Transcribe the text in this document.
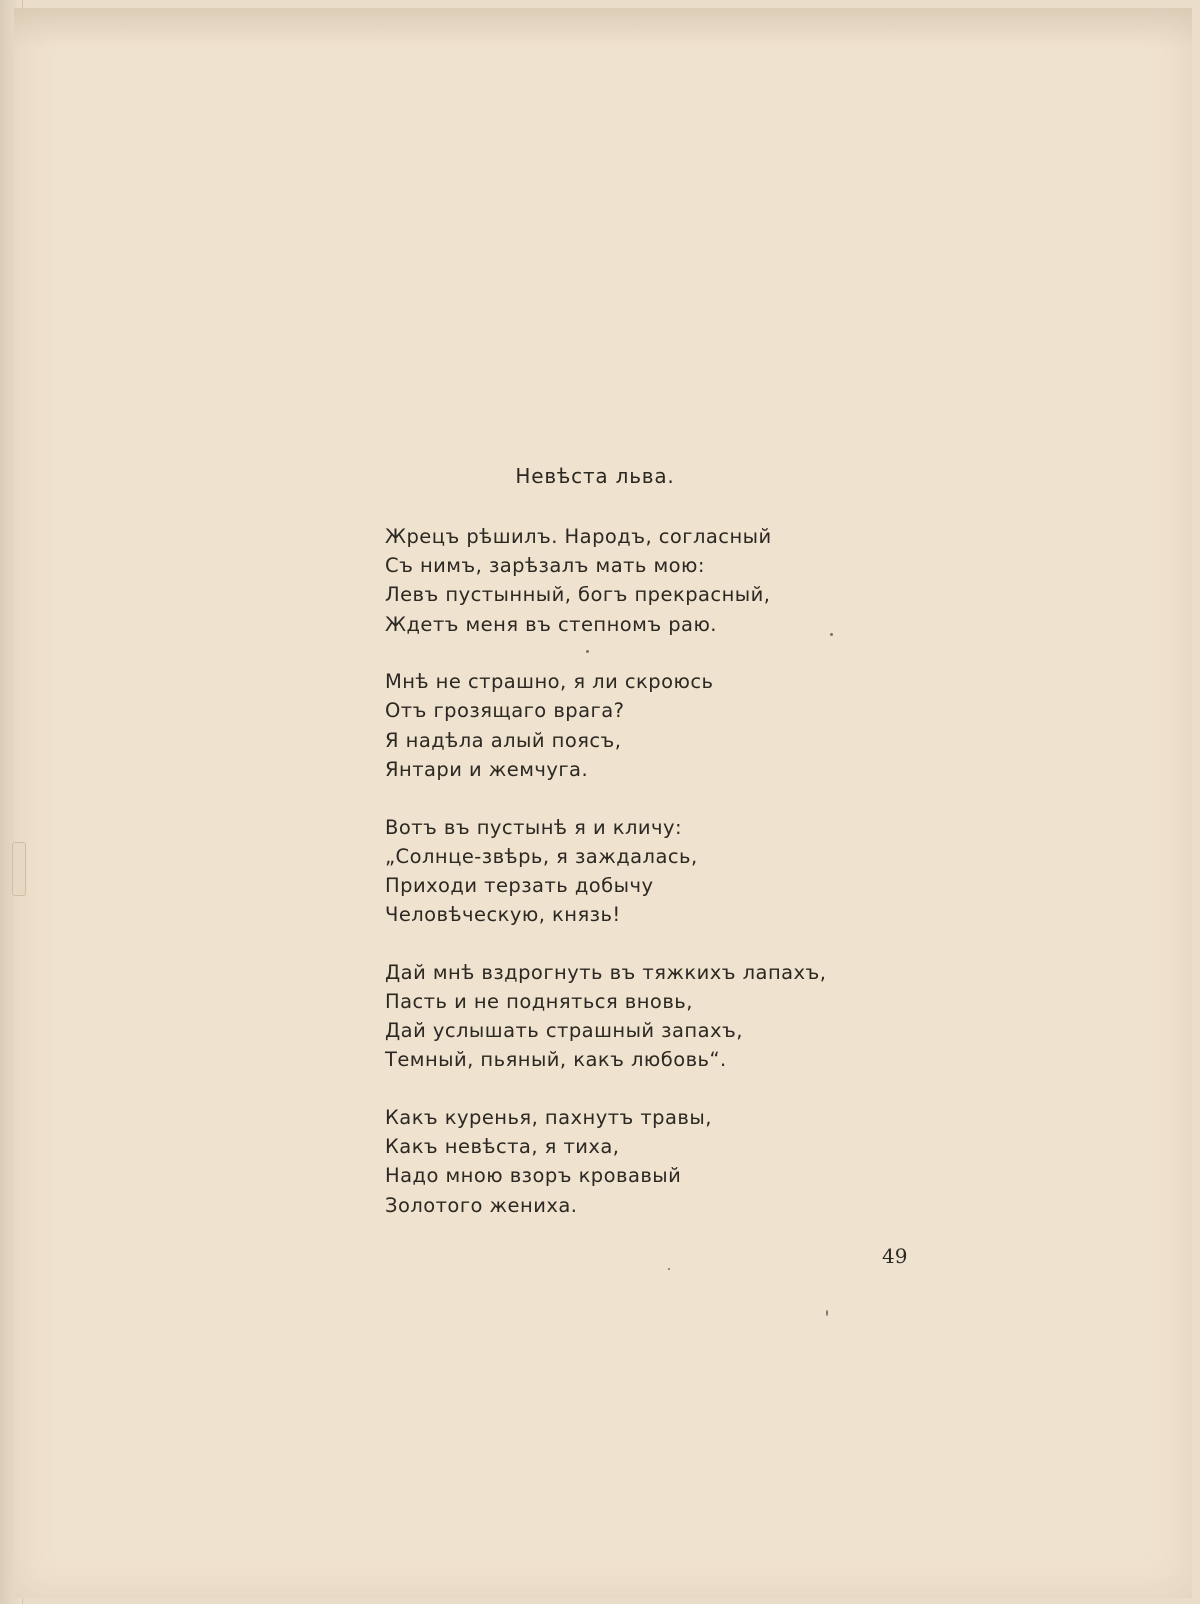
Невѣста льва.
Жрецъ рѣшилъ. Народъ, согласный
Съ нимъ, зарѣзалъ мать мою:
Левъ пустынный, богъ прекрасный,
Ждетъ меня въ степномъ раю.
Мнѣ не страшно, я ли скроюсь
Отъ грозящаго врага?
Я надѣла алый поясъ,
Янтари и жемчуга.
Вотъ въ пустынѣ я и кличу:
„Солнце-звѣрь, я заждалась,
Приходи терзать добычу
Человѣческую, князь!
Дай мнѣ вздрогнуть въ тяжкихъ лапахъ,
Пасть и не подняться вновь,
Дай услышать страшный запахъ,
Темный, пьяный, какъ любовь“.
Какъ куренья, пахнутъ травы,
Какъ невѣста, я тиха,
Надо мною взоръ кровавый
Золотого жениха.
49
